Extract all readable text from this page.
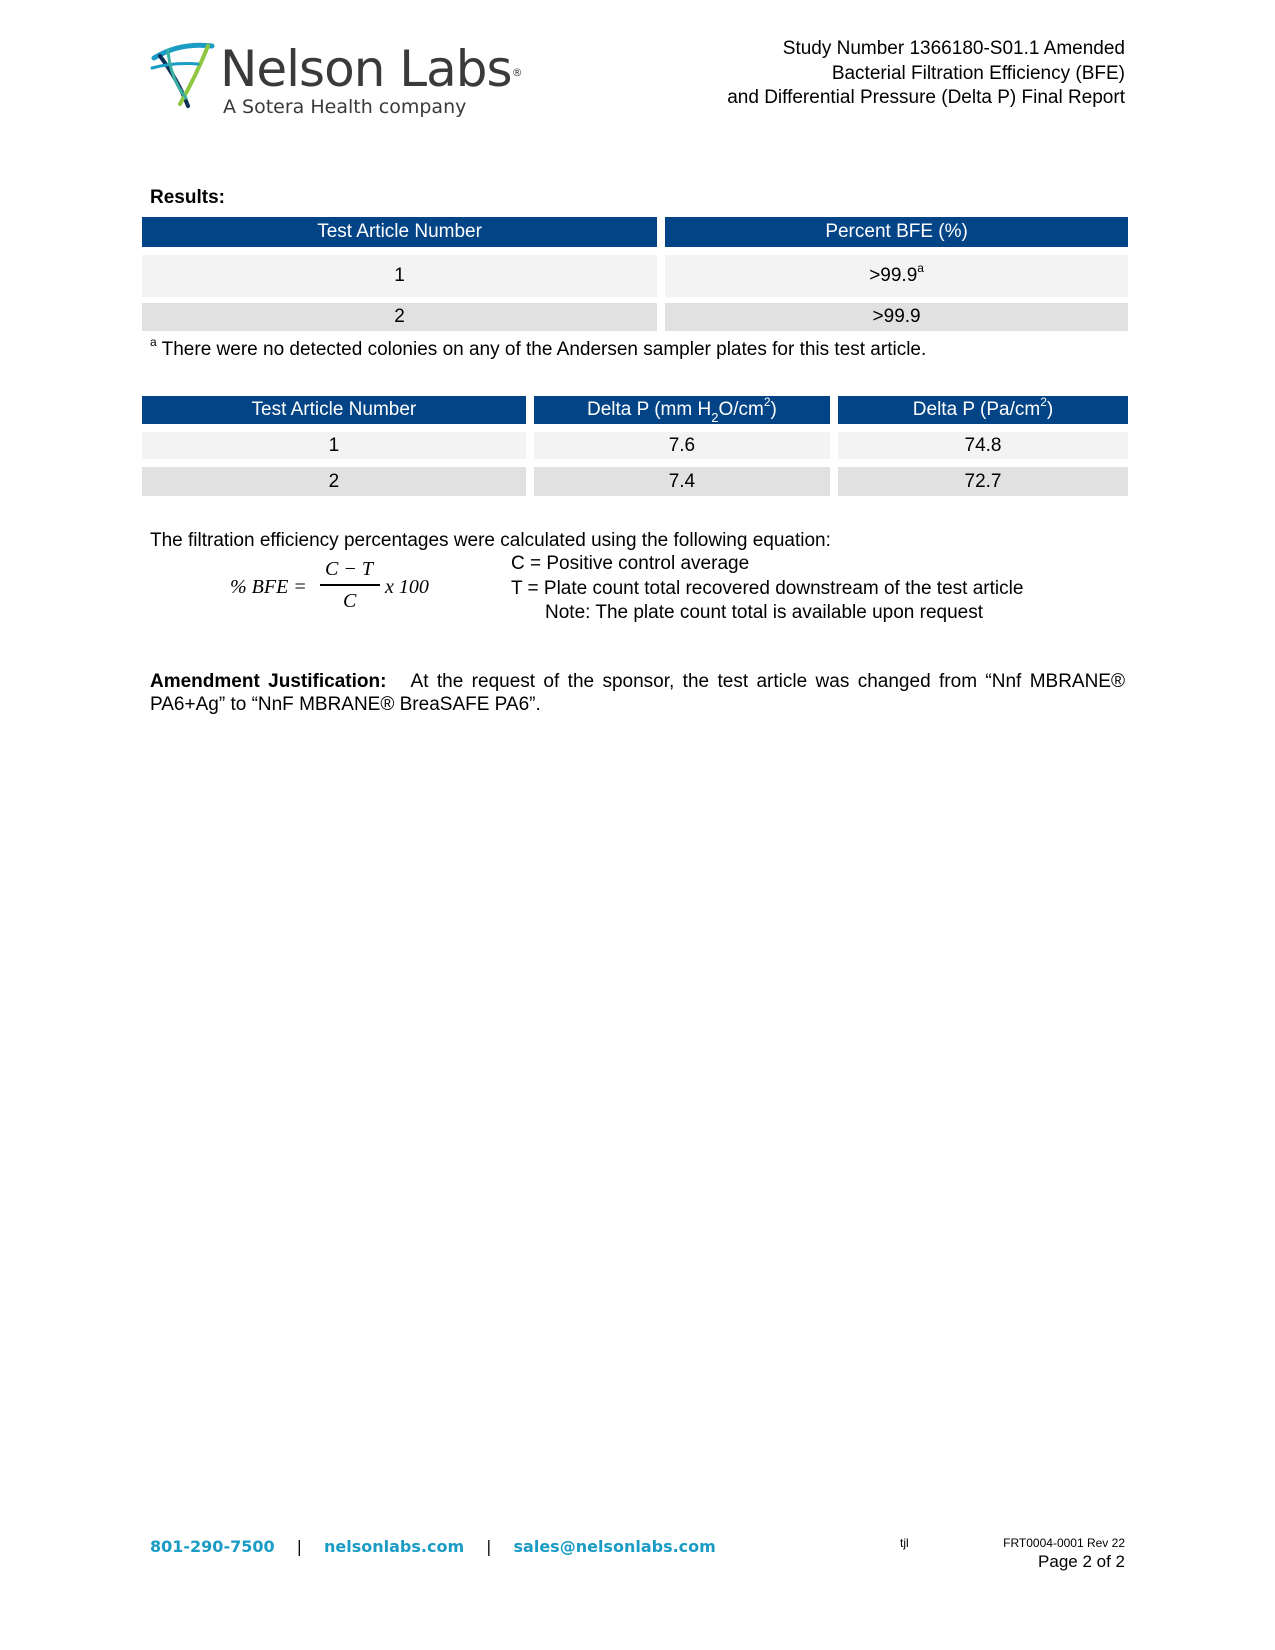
Nelson Labs®
A Sotera Health company
Study Number 1366180-S01.1 Amended
Bacterial Filtration Efficiency (BFE)
and Differential Pressure (Delta P) Final Report
Results:
Test Article Number	Percent BFE (%)

1	>99.9$^a$

2	>99.9
$^a$ There were no detected colonies on any of the Andersen sampler plates for this test article.
Test Article Number	Delta P (mm $H_2O/cm^2$)	Delta P $(Pa/cm^2)$

1	7.6	74.8

2	7.4	72.7
The filtration efficiency percentages were calculated using the following equation:
% BFE =
C − T
C
x 100
C = Positive control average
T = Plate count total recovered downstream of the test article
Note: The plate count total is available upon request
Amendment Justification: At the request of the sponsor, the test article was changed from “Nnf MBRANE® PA6+Ag” to “NnF MBRANE® BreaSAFE PA6”.
801-290-7500 | nelsonlabs.com | sales@nelsonlabs.com	tjl	FRT0004-0001 Rev 22
Page 2 of 2
